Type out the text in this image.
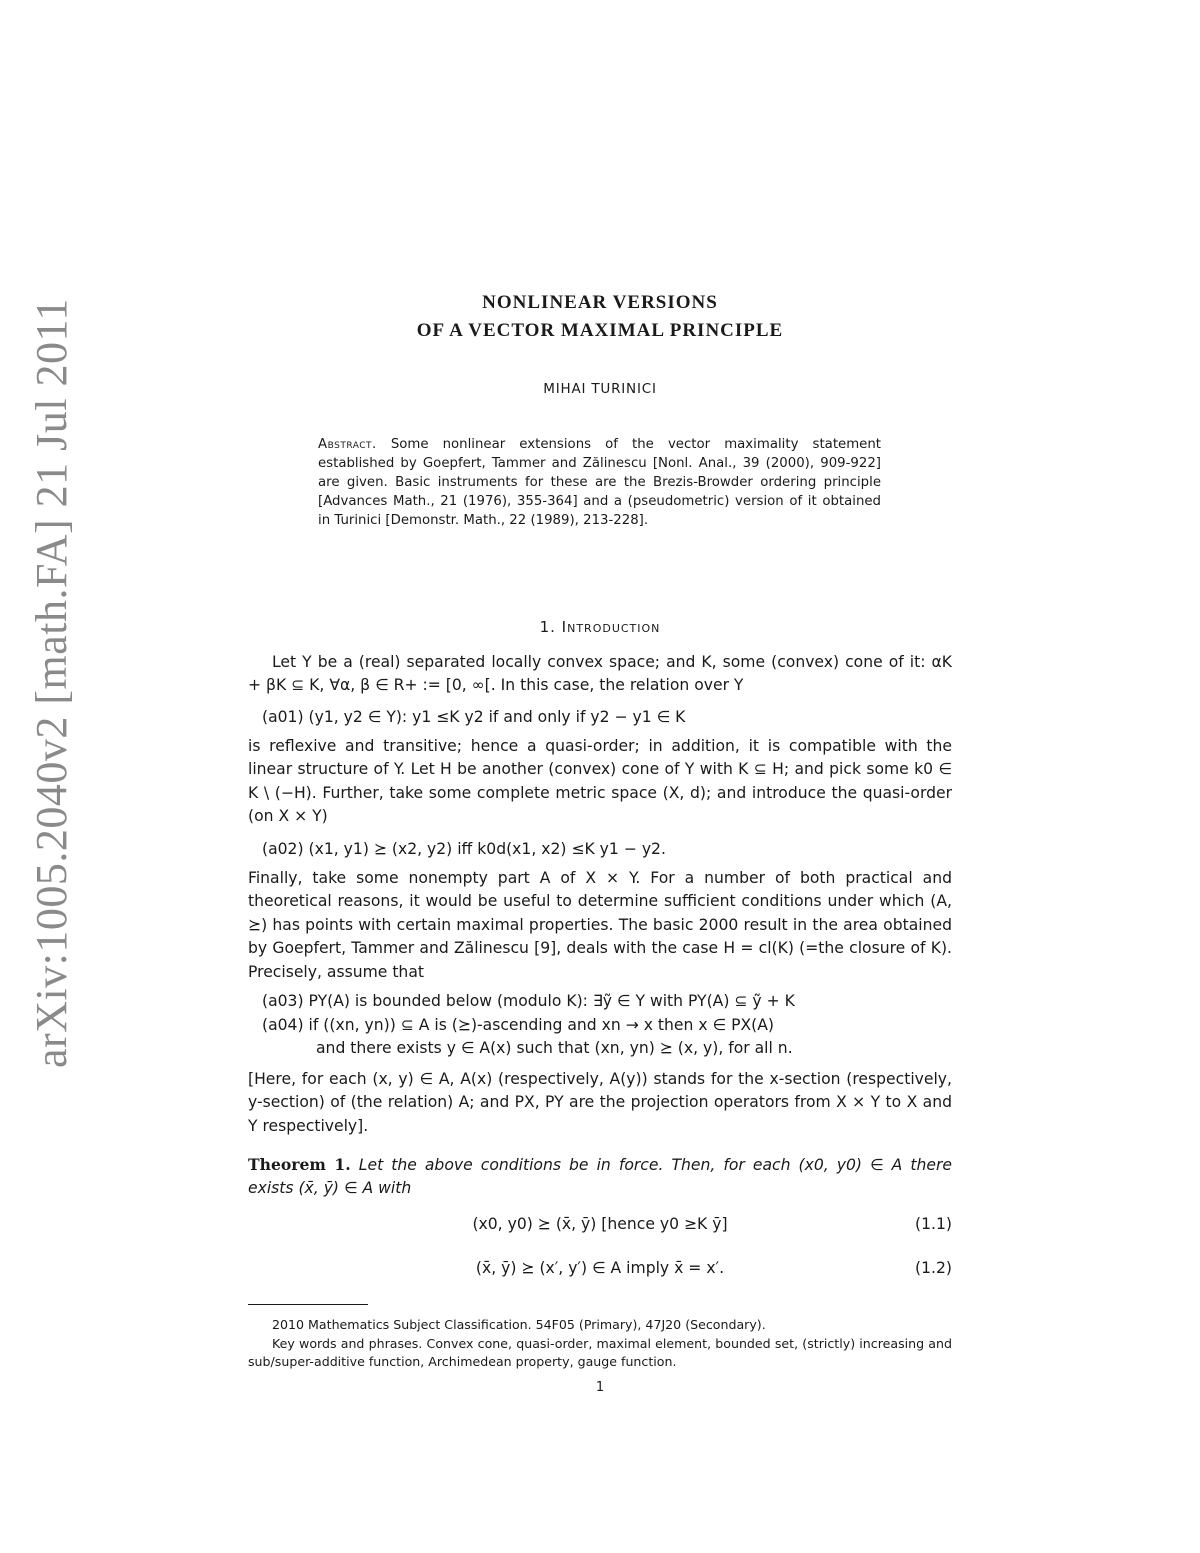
arXiv:1005.2040v2 [math.FA] 21 Jul 2011	NONLINEAR VERSIONS
OF A VECTOR MAXIMAL PRINCIPLE
MIHAI TURINICI
Abstract. Some nonlinear extensions of the vector maximality statement established by Goepfert, Tammer and Zălinescu [Nonl. Anal., 39 (2000), 909-922] are given. Basic instruments for these are the Brezis-Browder ordering principle [Advances Math., 21 (1976), 355-364] and a (pseudometric) version of it obtained in Turinici [Demonstr. Math., 22 (1989), 213-228].
1. Introduction
Let Y be a (real) separated locally convex space; and K, some (convex) cone of it: αK + βK ⊆ K, ∀α, β ∈ R+ := [0, ∞[. In this case, the relation over Y
(a01) (y1, y2 ∈ Y): y1 ≤K y2 if and only if y2 − y1 ∈ K
is reflexive and transitive; hence a quasi-order; in addition, it is compatible with the linear structure of Y. Let H be another (convex) cone of Y with K ⊆ H; and pick some k0 ∈ K \ (−H). Further, take some complete metric space (X, d); and introduce the quasi-order (on X × Y)
(a02) (x1, y1) ⪰ (x2, y2) iff k0d(x1, x2) ≤K y1 − y2.
Finally, take some nonempty part A of X × Y. For a number of both practical and theoretical reasons, it would be useful to determine sufficient conditions under which (A, ⪰) has points with certain maximal properties. The basic 2000 result in the area obtained by Goepfert, Tammer and Zălinescu [9], deals with the case H = cl(K) (=the closure of K). Precisely, assume that
(a03) PY(A) is bounded below (modulo K): ∃ỹ ∈ Y with PY(A) ⊆ ỹ + K
(a04) if ((xn, yn)) ⊆ A is (⪰)-ascending and xn → x then x ∈ PX(A)
and there exists y ∈ A(x) such that (xn, yn) ⪰ (x, y), for all n.
[Here, for each (x, y) ∈ A, A(x) (respectively, A(y)) stands for the x-section (respectively, y-section) of (the relation) A; and PX, PY are the projection operators from X × Y to X and Y respectively].
Theorem 1. Let the above conditions be in force. Then, for each (x0, y0) ∈ A there exists (x̄, ȳ) ∈ A with
(x0, y0) ⪰ (x̄, ȳ) [hence y0 ≥K ȳ]	(1.1)
(x̄, ȳ) ⪰ (x′, y′) ∈ A imply x̄ = x′.	(1.2)
2010 Mathematics Subject Classification. 54F05 (Primary), 47J20 (Secondary).
Key words and phrases. Convex cone, quasi-order, maximal element, bounded set, (strictly) increasing and sub/super-additive function, Archimedean property, gauge function.
1
